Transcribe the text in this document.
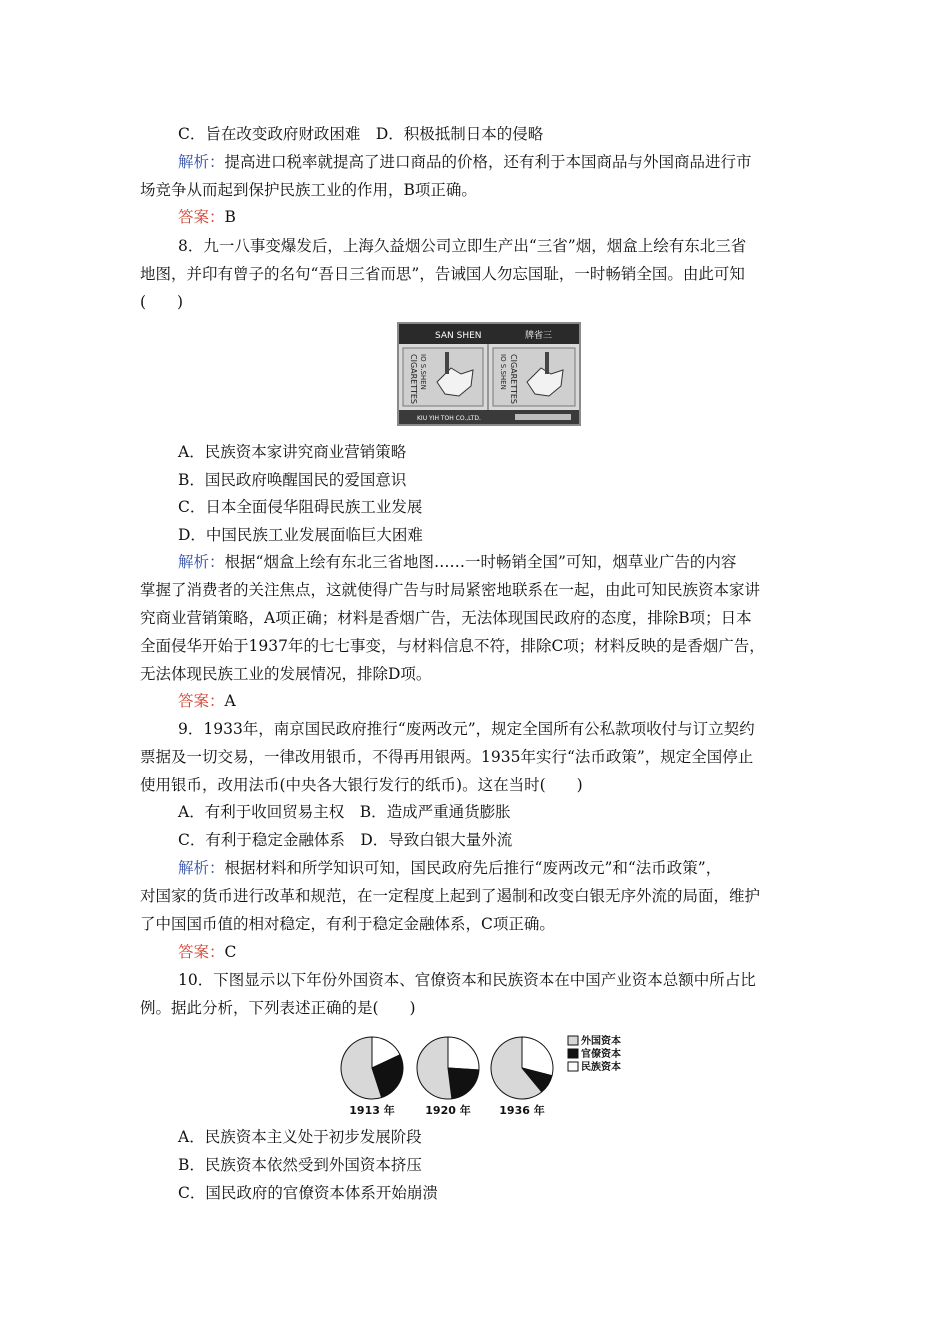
C．旨在改变政府财政困难　D．积极抵制日本的侵略
解析：提高进口税率就提高了进口商品的价格，还有利于本国商品与外国商品进行市
场竞争从而起到保护民族工业的作用，B项正确。
答案：B
8．九一八事变爆发后，上海久益烟公司立即生产出“三省”烟，烟盒上绘有东北三省
地图，并印有曾子的名句“吾日三省而思”，告诫国人勿忘国耻，一时畅销全国。由此可知
(　　)
SAN SHEN	牌省三
CIGARETTES IO S.SHEN	IO S.SHEN CIGARETTES
KIU YIH TOH CO.,LTD.
A．民族资本家讲究商业营销策略
B．国民政府唤醒国民的爱国意识
C．日本全面侵华阻碍民族工业发展
D．中国民族工业发展面临巨大困难
解析：根据“烟盒上绘有东北三省地图……一时畅销全国”可知，烟草业广告的内容
掌握了消费者的关注焦点，这就使得广告与时局紧密地联系在一起，由此可知民族资本家讲
究商业营销策略，A项正确；材料是香烟广告，无法体现国民政府的态度，排除B项；日本
全面侵华开始于1937年的七七事变，与材料信息不符，排除C项；材料反映的是香烟广告，
无法体现民族工业的发展情况，排除D项。
答案：A
9．1933年，南京国民政府推行“废两改元”，规定全国所有公私款项收付与订立契约
票据及一切交易，一律改用银币，不得再用银两。1935年实行“法币政策”，规定全国停止
使用银币，改用法币(中央各大银行发行的纸币)。这在当时(　　)
A．有利于收回贸易主权　B．造成严重通货膨胀
C．有利于稳定金融体系　D．导致白银大量外流
解析：根据材料和所学知识可知，国民政府先后推行“废两改元”和“法币政策”，
对国家的货币进行改革和规范，在一定程度上起到了遏制和改变白银无序外流的局面，维护
了中国国币值的相对稳定，有利于稳定金融体系，C项正确。
答案：C
10．下图显示以下年份外国资本、官僚资本和民族资本在中国产业资本总额中所占比
例。据此分析，下列表述正确的是(　　)
1913 年	1920 年	1936 年
外国资本
官僚资本
民族资本
A．民族资本主义处于初步发展阶段
B．民族资本依然受到外国资本挤压
C．国民政府的官僚资本体系开始崩溃
